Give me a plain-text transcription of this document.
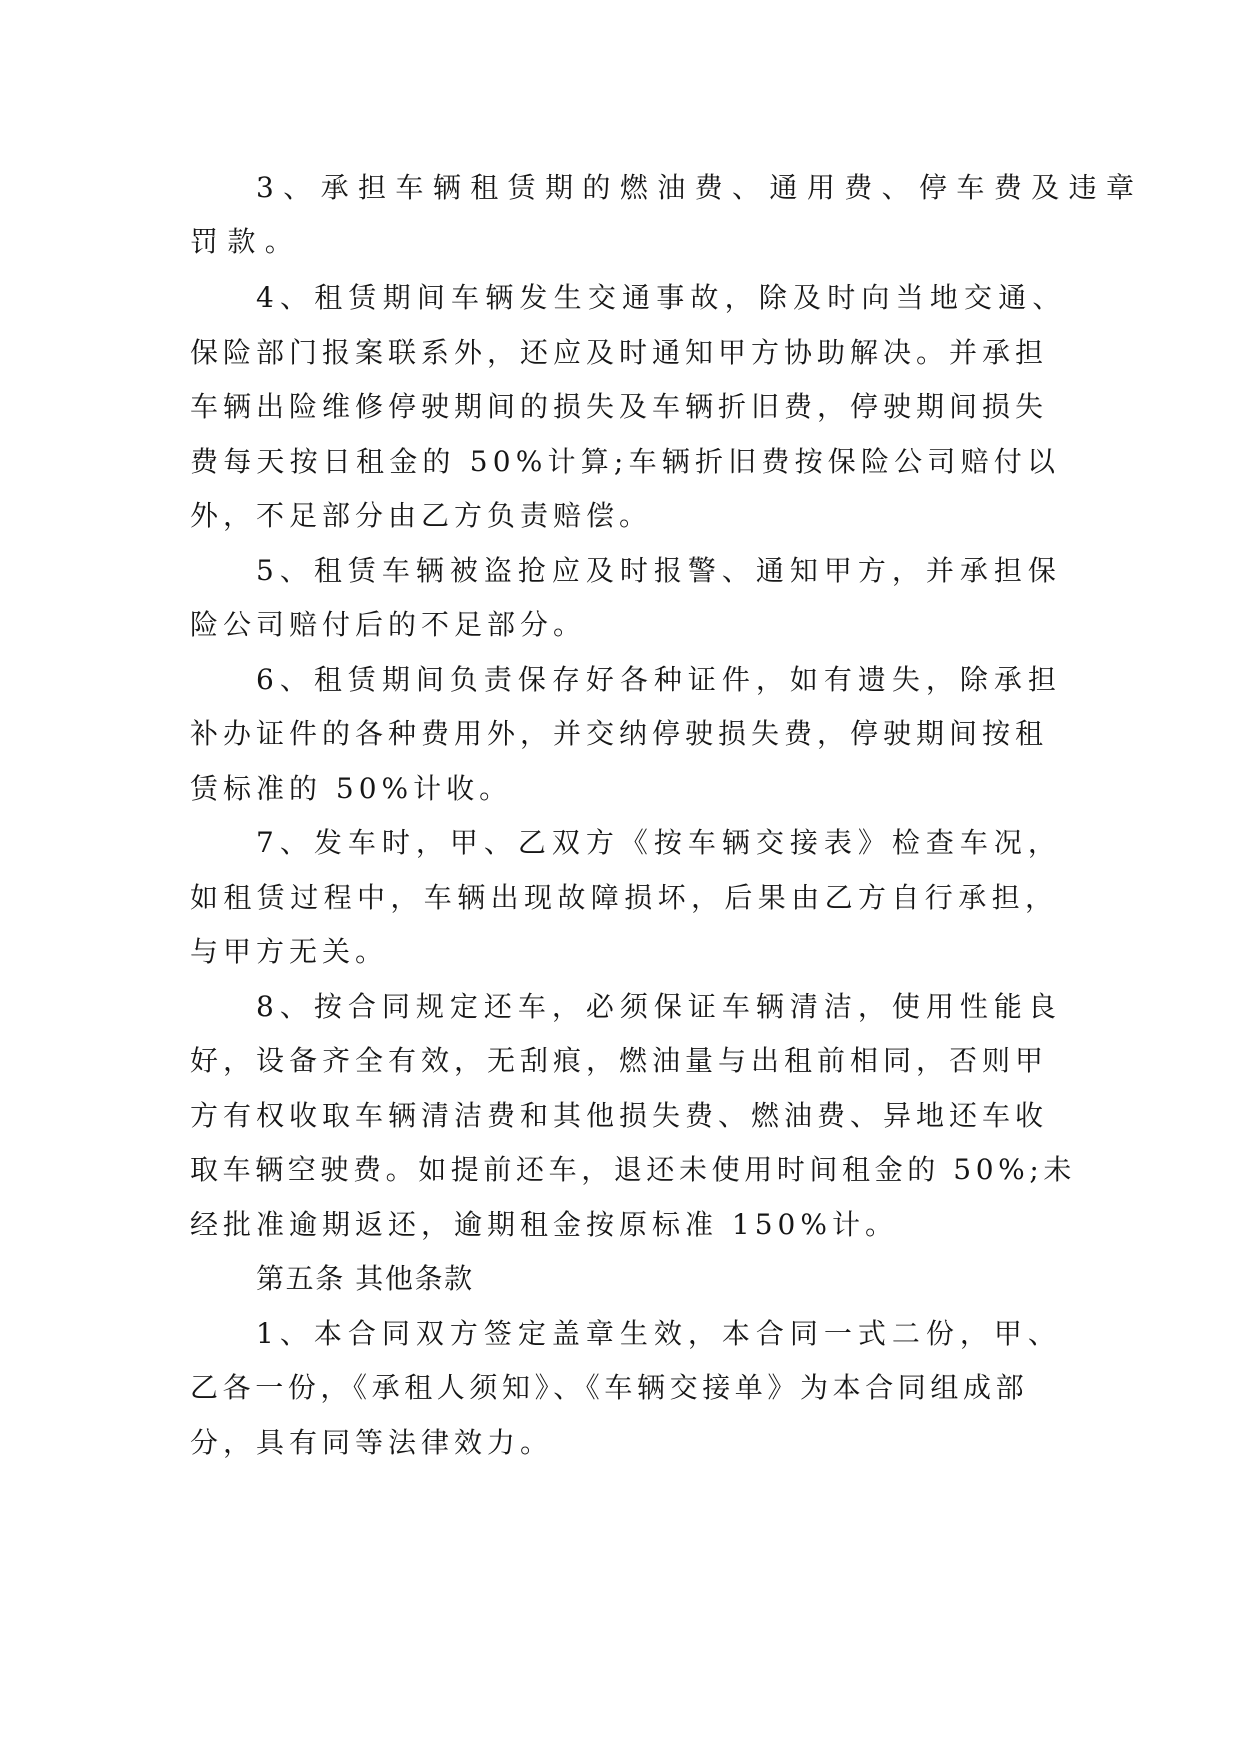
3、承担车辆租赁期的燃油费、通用费、停车费及违章

罚款。

4、租赁期间车辆发生交通事故，除及时向当地交通、

保险部门报案联系外，还应及时通知甲方协助解决。并承担

车辆出险维修停驶期间的损失及车辆折旧费，停驶期间损失

费每天按日租金的 50%计算;车辆折旧费按保险公司赔付以

外，不足部分由乙方负责赔偿。

5、租赁车辆被盗抢应及时报警、通知甲方，并承担保

险公司赔付后的不足部分。

6、租赁期间负责保存好各种证件，如有遗失，除承担

补办证件的各种费用外，并交纳停驶损失费，停驶期间按租

赁标准的 50%计收。

7、发车时，甲、乙双方《按车辆交接表》检查车况，

如租赁过程中，车辆出现故障损坏，后果由乙方自行承担，

与甲方无关。

8、按合同规定还车，必须保证车辆清洁，使用性能良

好，设备齐全有效，无刮痕，燃油量与出租前相同，否则甲

方有权收取车辆清洁费和其他损失费、燃油费、异地还车收

取车辆空驶费。如提前还车，退还未使用时间租金的 50%;未

经批准逾期返还，逾期租金按原标准 150%计。

第五条 其他条款

1、本合同双方签定盖章生效，本合同一式二份，甲、

乙各一份，《承租人须知》、《车辆交接单》为本合同组成部

分，具有同等法律效力。
